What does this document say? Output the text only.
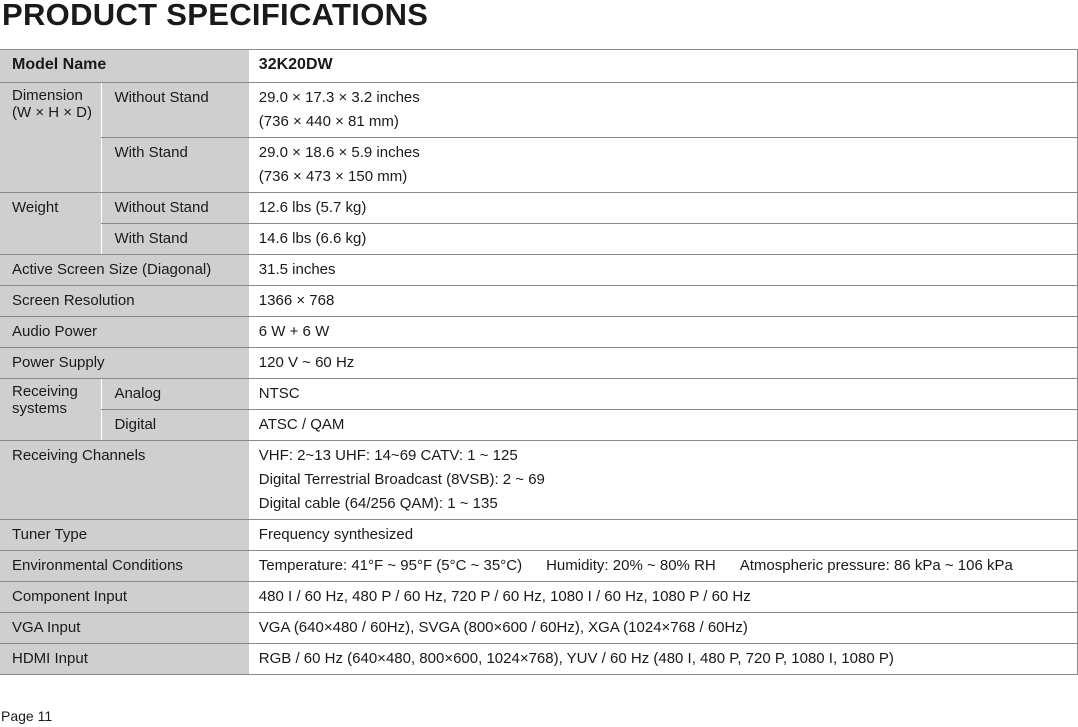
PRODUCT SPECIFICATIONS
Model Name		32K20DW
Dimension (W × H × D)	Without Stand	29.0 × 17.3 × 3.2 inches
(736 × 440 × 81 mm)

	With Stand	29.0 × 18.6 × 5.9 inches
(736 × 473 × 150 mm)

Weight	Without Stand	12.6 lbs (5.7 kg)
	With Stand	14.6 lbs (6.6 kg)
Active Screen Size (Diagonal)		31.5 inches
Screen Resolution		1366 × 768
Audio Power		6 W + 6 W
Power Supply		120 V ~ 60 Hz

Receiving
systems	Analog	NTSC
	Digital	ATSC / QAM
Receiving Channels		VHF: 2~13 UHF: 14~69 CATV: 1 ~ 125
Digital Terrestrial Broadcast (8VSB): 2 ~ 69
Digital cable (64/256 QAM): 1 ~ 135

Tuner Type		Frequency synthesized
Environmental Conditions		Temperature: 41°F ~ 95°F (5°C ~ 35°C) Humidity: 20% ~ 80% RH Atmospheric pressure: 86 kPa ~ 106 kPa
Component Input		480 I / 60 Hz, 480 P / 60 Hz, 720 P / 60 Hz, 1080 I / 60 Hz, 1080 P / 60 Hz
VGA Input		VGA (640×480 / 60Hz), SVGA (800×600 / 60Hz), XGA (1024×768 / 60Hz)
HDMI Input		RGB / 60 Hz (640×480, 800×600, 1024×768), YUV / 60 Hz (480 I, 480 P, 720 P, 1080 I, 1080 P)
Page 11
